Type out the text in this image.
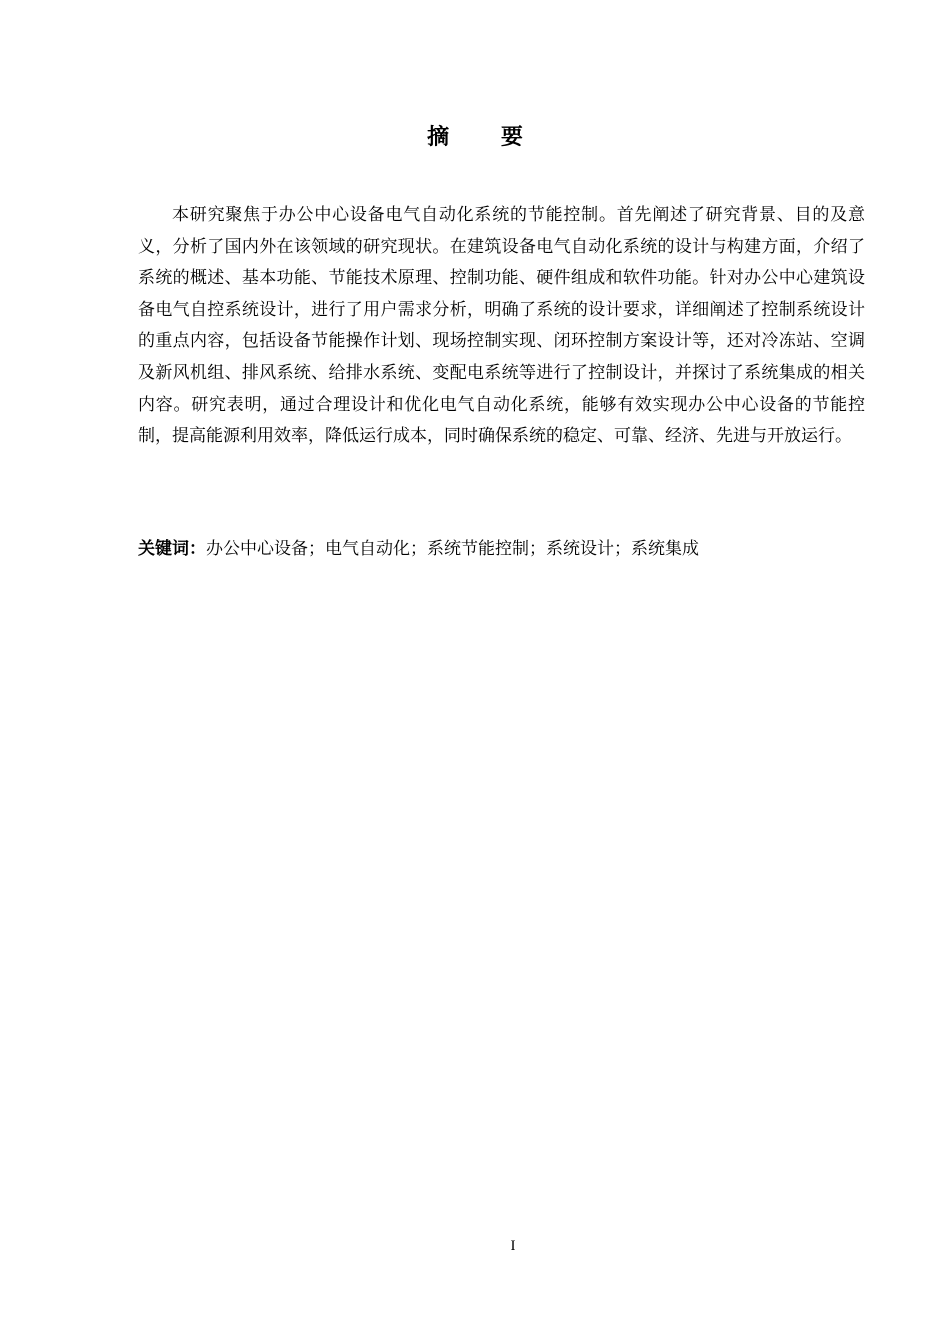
摘 要

本研究聚焦于办公中心设备电气自动化系统的节能控制。首先阐述了研究背景、目的及意义，分析了国内外在该领域的研究现状。在建筑设备电气自动化系统的设计与构建方面，介绍了系统的概述、基本功能、节能技术原理、控制功能、硬件组成和软件功能。针对办公中心建筑设备电气自控系统设计，进行了用户需求分析，明确了系统的设计要求，详细阐述了控制系统设计的重点内容，包括设备节能操作计划、现场控制实现、闭环控制方案设计等，还对冷冻站、空调及新风机组、排风系统、给排水系统、变配电系统等进行了控制设计，并探讨了系统集成的相关内容。研究表明，通过合理设计和优化电气自动化系统，能够有效实现办公中心设备的节能控制，提高能源利用效率，降低运行成本，同时确保系统的稳定、可靠、经济、先进与开放运行。

关键词：办公中心设备；电气自动化；系统节能控制；系统设计；系统集成

I
